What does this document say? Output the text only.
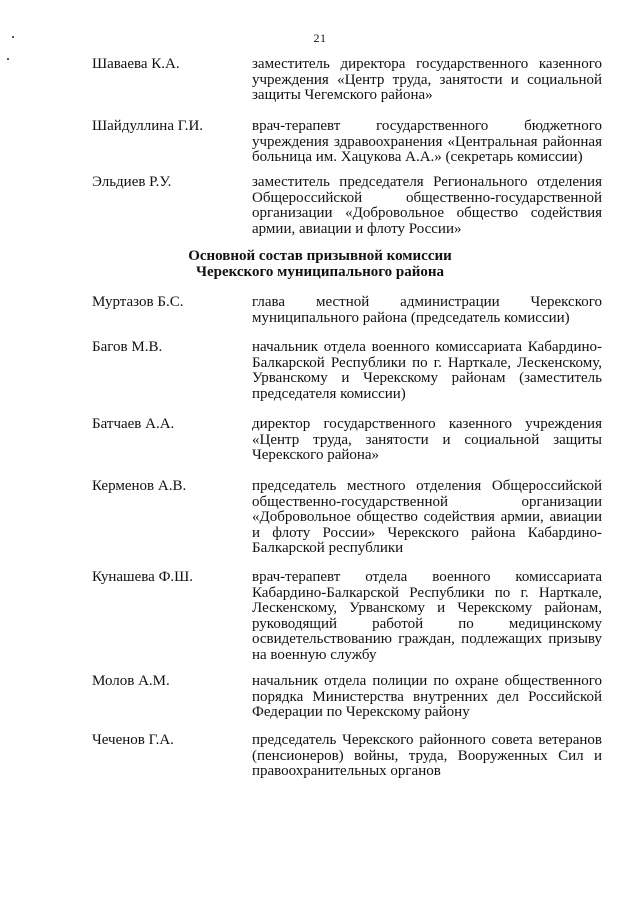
21
Шаваева К.А.	заместитель директора государственного казенного учреждения «Центр труда, занятости и социальной защиты Чегемского района»
Шайдуллина Г.И.	врач-терапевт государственного бюджетного учреждения здравоохранения «Центральная районная больница им. Хацукова А.А.» (секретарь комиссии)
Эльдиев Р.У.	заместитель председателя Регионального отделения Общероссийской общественно-государственной организации «Добровольное общество содействия армии, авиации и флоту России»
Основной состав призывной комиссии
Черекского муниципального района
Муртазов Б.С.	глава местной администрации Черекского муниципального района (председатель комиссии)
Багов М.В.	начальник отдела военного комиссариата Кабардино-Балкарской Республики по г. Нарткале, Лескенскому, Урванскому и Черекскому районам (заместитель председателя комиссии)
Батчаев А.А.	директор государственного казенного учреждения «Центр труда, занятости и социальной защиты Черекского района»
Керменов А.В.	председатель местного отделения Общероссийской общественно-государственной организации «Добровольное общество содействия армии, авиации и флоту России» Черекского района Кабардино-Балкарской республики
Кунашева Ф.Ш.	врач-терапевт отдела военного комиссариата Кабардино-Балкарской Республики по г. Нарткале, Лескенскому, Урванскому и Черекскому районам, руководящий работой по медицинскому освидетельствованию граждан, подлежащих призыву на военную службу
Молов А.М.	начальник отдела полиции по охране общественного порядка Министерства внутренних дел Российской Федерации по Черекскому району
Чеченов Г.А.	председатель Черекского районного совета ветеранов (пенсионеров) войны, труда, Вооруженных Сил и правоохранительных органов
